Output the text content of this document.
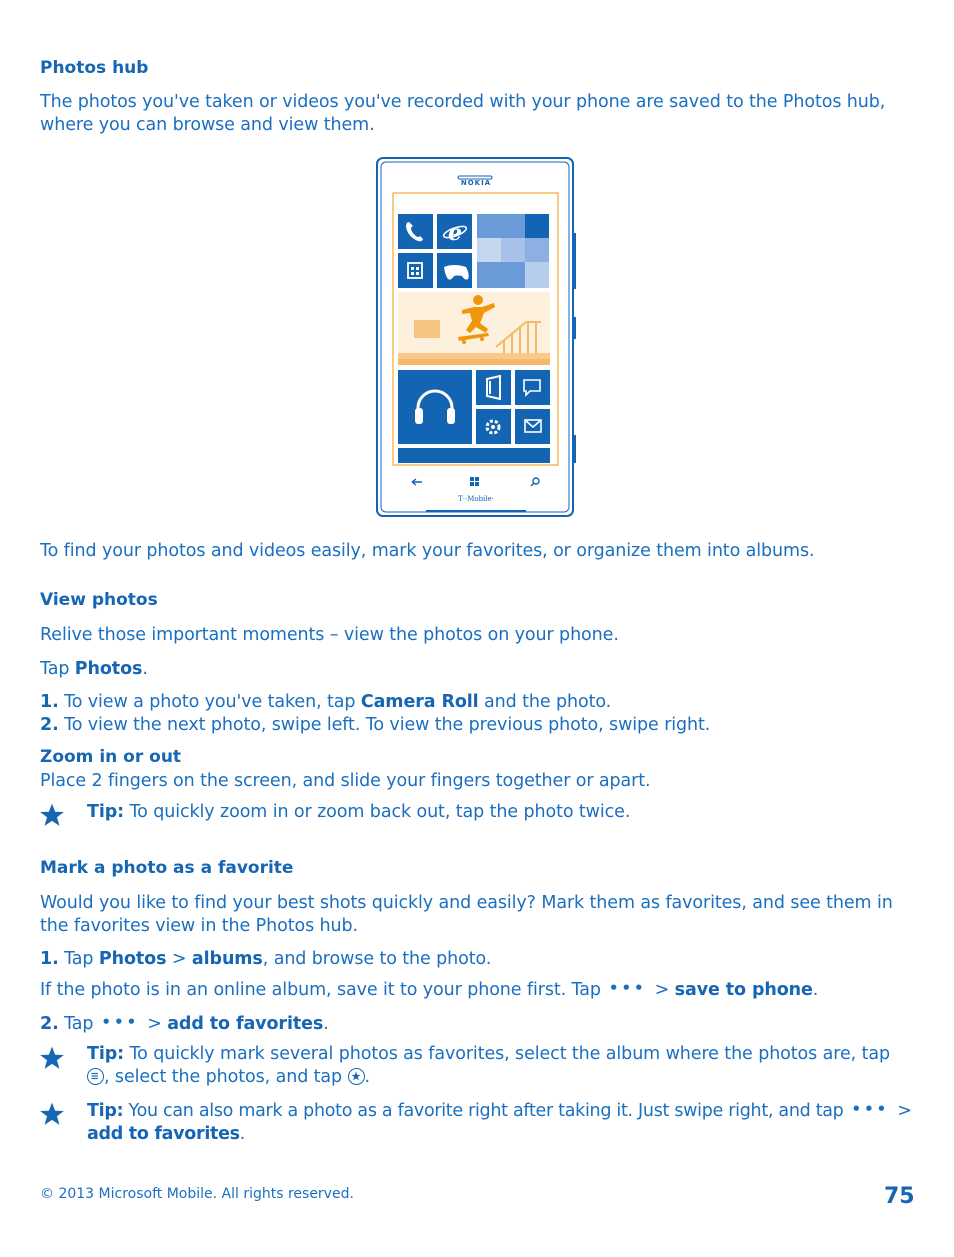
Photos hub
The photos you've taken or videos you've recorded with your phone are saved to the Photos hub, where you can browse and view them.
e
NOKIA
T··Mobile·
To find your photos and videos easily, mark your favorites, or organize them into albums.
View photos
Relive those important moments – view the photos on your phone.
Tap Photos.
1. To view a photo you've taken, tap Camera Roll and the photo.
2. To view the next photo, swipe left. To view the previous photo, swipe right.
Zoom in or out
Place 2 fingers on the screen, and slide your fingers together or apart.
Tip: To quickly zoom in or zoom back out, tap the photo twice.
Mark a photo as a favorite
Would you like to find your best shots quickly and easily? Mark them as favorites, and see them in the favorites view in the Photos hub.
1. Tap Photos > albums, and browse to the photo.
If the photo is in an online album, save it to your phone first. Tap ••• > save to phone.
2. Tap ••• > add to favorites.
Tip: To quickly mark several photos as favorites, select the album where the photos are, tap

, select the photos, and tap
.
Tip: You can also mark a photo as a favorite right after taking it. Just swipe right, and tap ••• >
add to favorites.
© 2013 Microsoft Mobile. All rights reserved.	75
